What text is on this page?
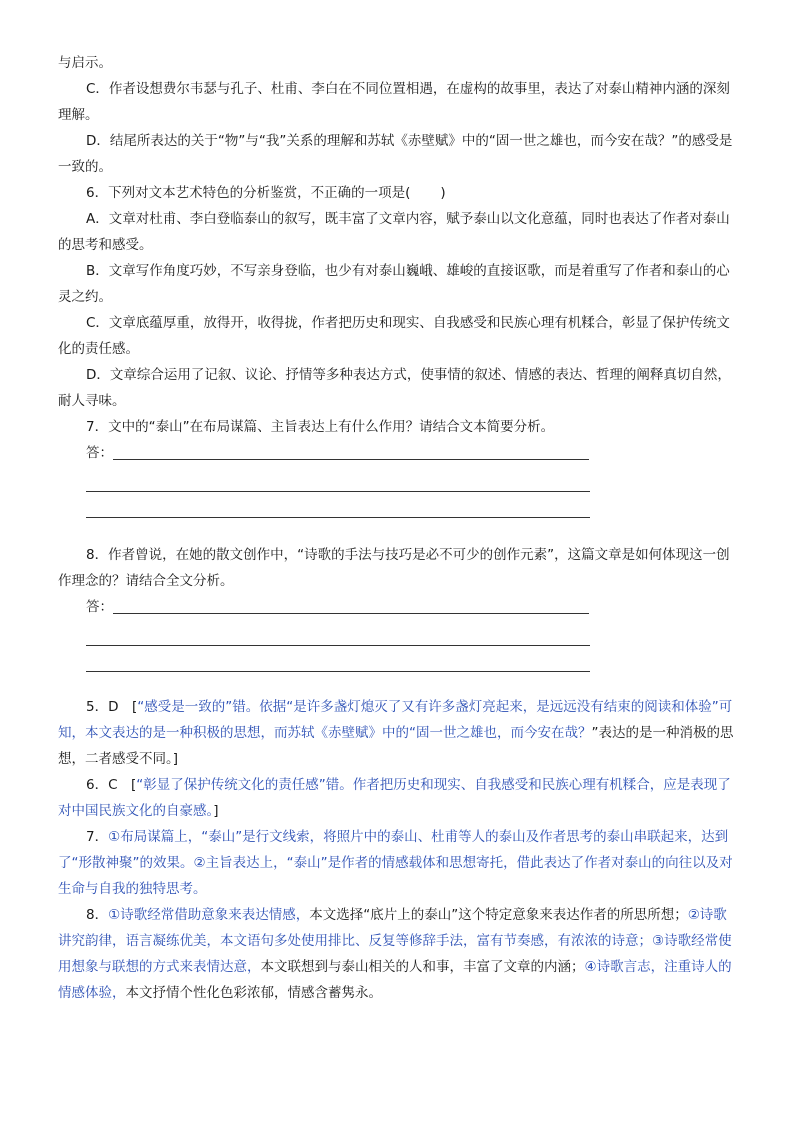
与启示。

C．作者设想费尔韦瑟与孔子、杜甫、李白在不同位置相遇，在虚构的故事里，表达了对泰山精神内涵的深刻理解。

D．结尾所表达的关于“物”与“我”关系的理解和苏轼《赤壁赋》中的“固一世之雄也，而今安在哉？”的感受是一致的。

6．下列对文本艺术特色的分析鉴赏，不正确的一项是( )

A．文章对杜甫、李白登临泰山的叙写，既丰富了文章内容，赋予泰山以文化意蕴，同时也表达了作者对泰山的思考和感受。

B．文章写作角度巧妙，不写亲身登临，也少有对泰山巍峨、雄峻的直接讴歌，而是着重写了作者和泰山的心灵之约。

C．文章底蕴厚重，放得开，收得拢，作者把历史和现实、自我感受和民族心理有机糅合，彰显了保护传统文化的责任感。

D．文章综合运用了记叙、议论、抒情等多种表达方式，使事情的叙述、情感的表达、哲理的阐释真切自然，耐人寻味。

7．文中的“泰山”在布局谋篇、主旨表达上有什么作用？请结合文本简要分析。

答：

8．作者曾说，在她的散文创作中，“诗歌的手法与技巧是必不可少的创作元素”，这篇文章是如何体现这一创作理念的？请结合全文分析。

答：

5．D　[“感受是一致的”错。依据“是许多盏灯熄灭了又有许多盏灯亮起来，是远远没有结束的阅读和体验”可知，本文表达的是一种积极的思想，而苏轼《赤壁赋》中的“固一世之雄也，而今安在哉？”表达的是一种消极的思想，二者感受不同。]

6．C　[“彰显了保护传统文化的责任感”错。作者把历史和现实、自我感受和民族心理有机糅合，应是表现了对中国民族文化的自豪感。]

7．①布局谋篇上，“泰山”是行文线索，将照片中的泰山、杜甫等人的泰山及作者思考的泰山串联起来，达到了“形散神聚”的效果。②主旨表达上，“泰山”是作者的情感载体和思想寄托，借此表达了作者对泰山的向往以及对生命与自我的独特思考。

8．①诗歌经常借助意象来表达情感，本文选择“底片上的泰山”这个特定意象来表达作者的所思所想；②诗歌讲究韵律，语言凝练优美，本文语句多处使用排比、反复等修辞手法，富有节奏感，有浓浓的诗意；③诗歌经常使用想象与联想的方式来表情达意，本文联想到与泰山相关的人和事，丰富了文章的内涵；④诗歌言志，注重诗人的情感体验，本文抒情个性化色彩浓郁，情感含蓄隽永。
